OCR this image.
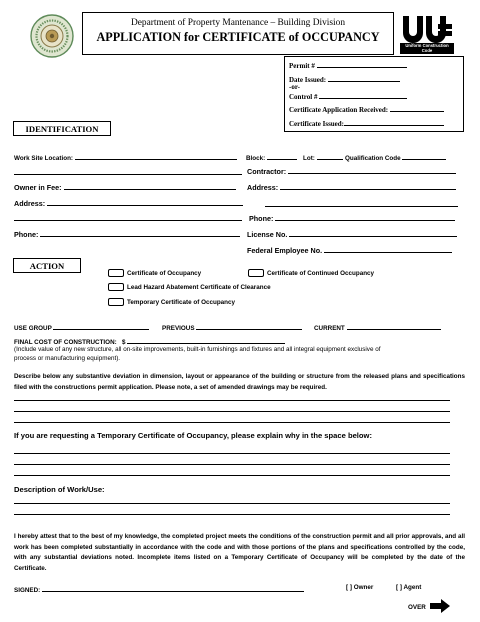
Department of Property Mantenance – Building Division
APPLICATION for CERTIFICATE of OCCUPANCY
Uniform Construction
Code
Permit #
Date Issued:
-or-
Control #
Certificate Application Received:
Certificate Issued:
IDENTIFICATION
Work Site Location:	Block:	Lot:	Qualification Code
Contractor:
Owner in Fee:	Address:
Address:
Phone:
Phone:	License No.
Federal Employee No.
ACTION
Certificate of Occupancy	Certificate of Continued Occupancy
Lead Hazard Abatement Certificate of Clearance
Temporary Certificate of Occupancy
USE GROUP	PREVIOUS	CURRENT
FINAL COST OF CONSTRUCTION: $
(Include value of any new structure, all on-site improvements, built-in furnishings and fixtures and all integral equipment exclusive of
process or manufacturing equipment).
Describe below any substantive deviation in dimension, layout or appearance of the building or structure from the released plans and specifications filed with the constructions permit application. Please note, a set of amended drawings may be required.
If you are requesting a Temporary Certificate of Occupancy, please explain why in the space below:
Description of Work/Use:
I hereby attest that to the best of my knowledge, the completed project meets the conditions of the construction permit and all prior approvals, and all work has been completed substantially in accordance with the code and with those portions of the plans and specifications controlled by the code, with any substantial deviations noted. Incomplete items listed on a Temporary Certificate of Occupancy will be completed by the date of the Certificate.
SIGNED:	[ ] Owner	[ ] Agent
OVER
